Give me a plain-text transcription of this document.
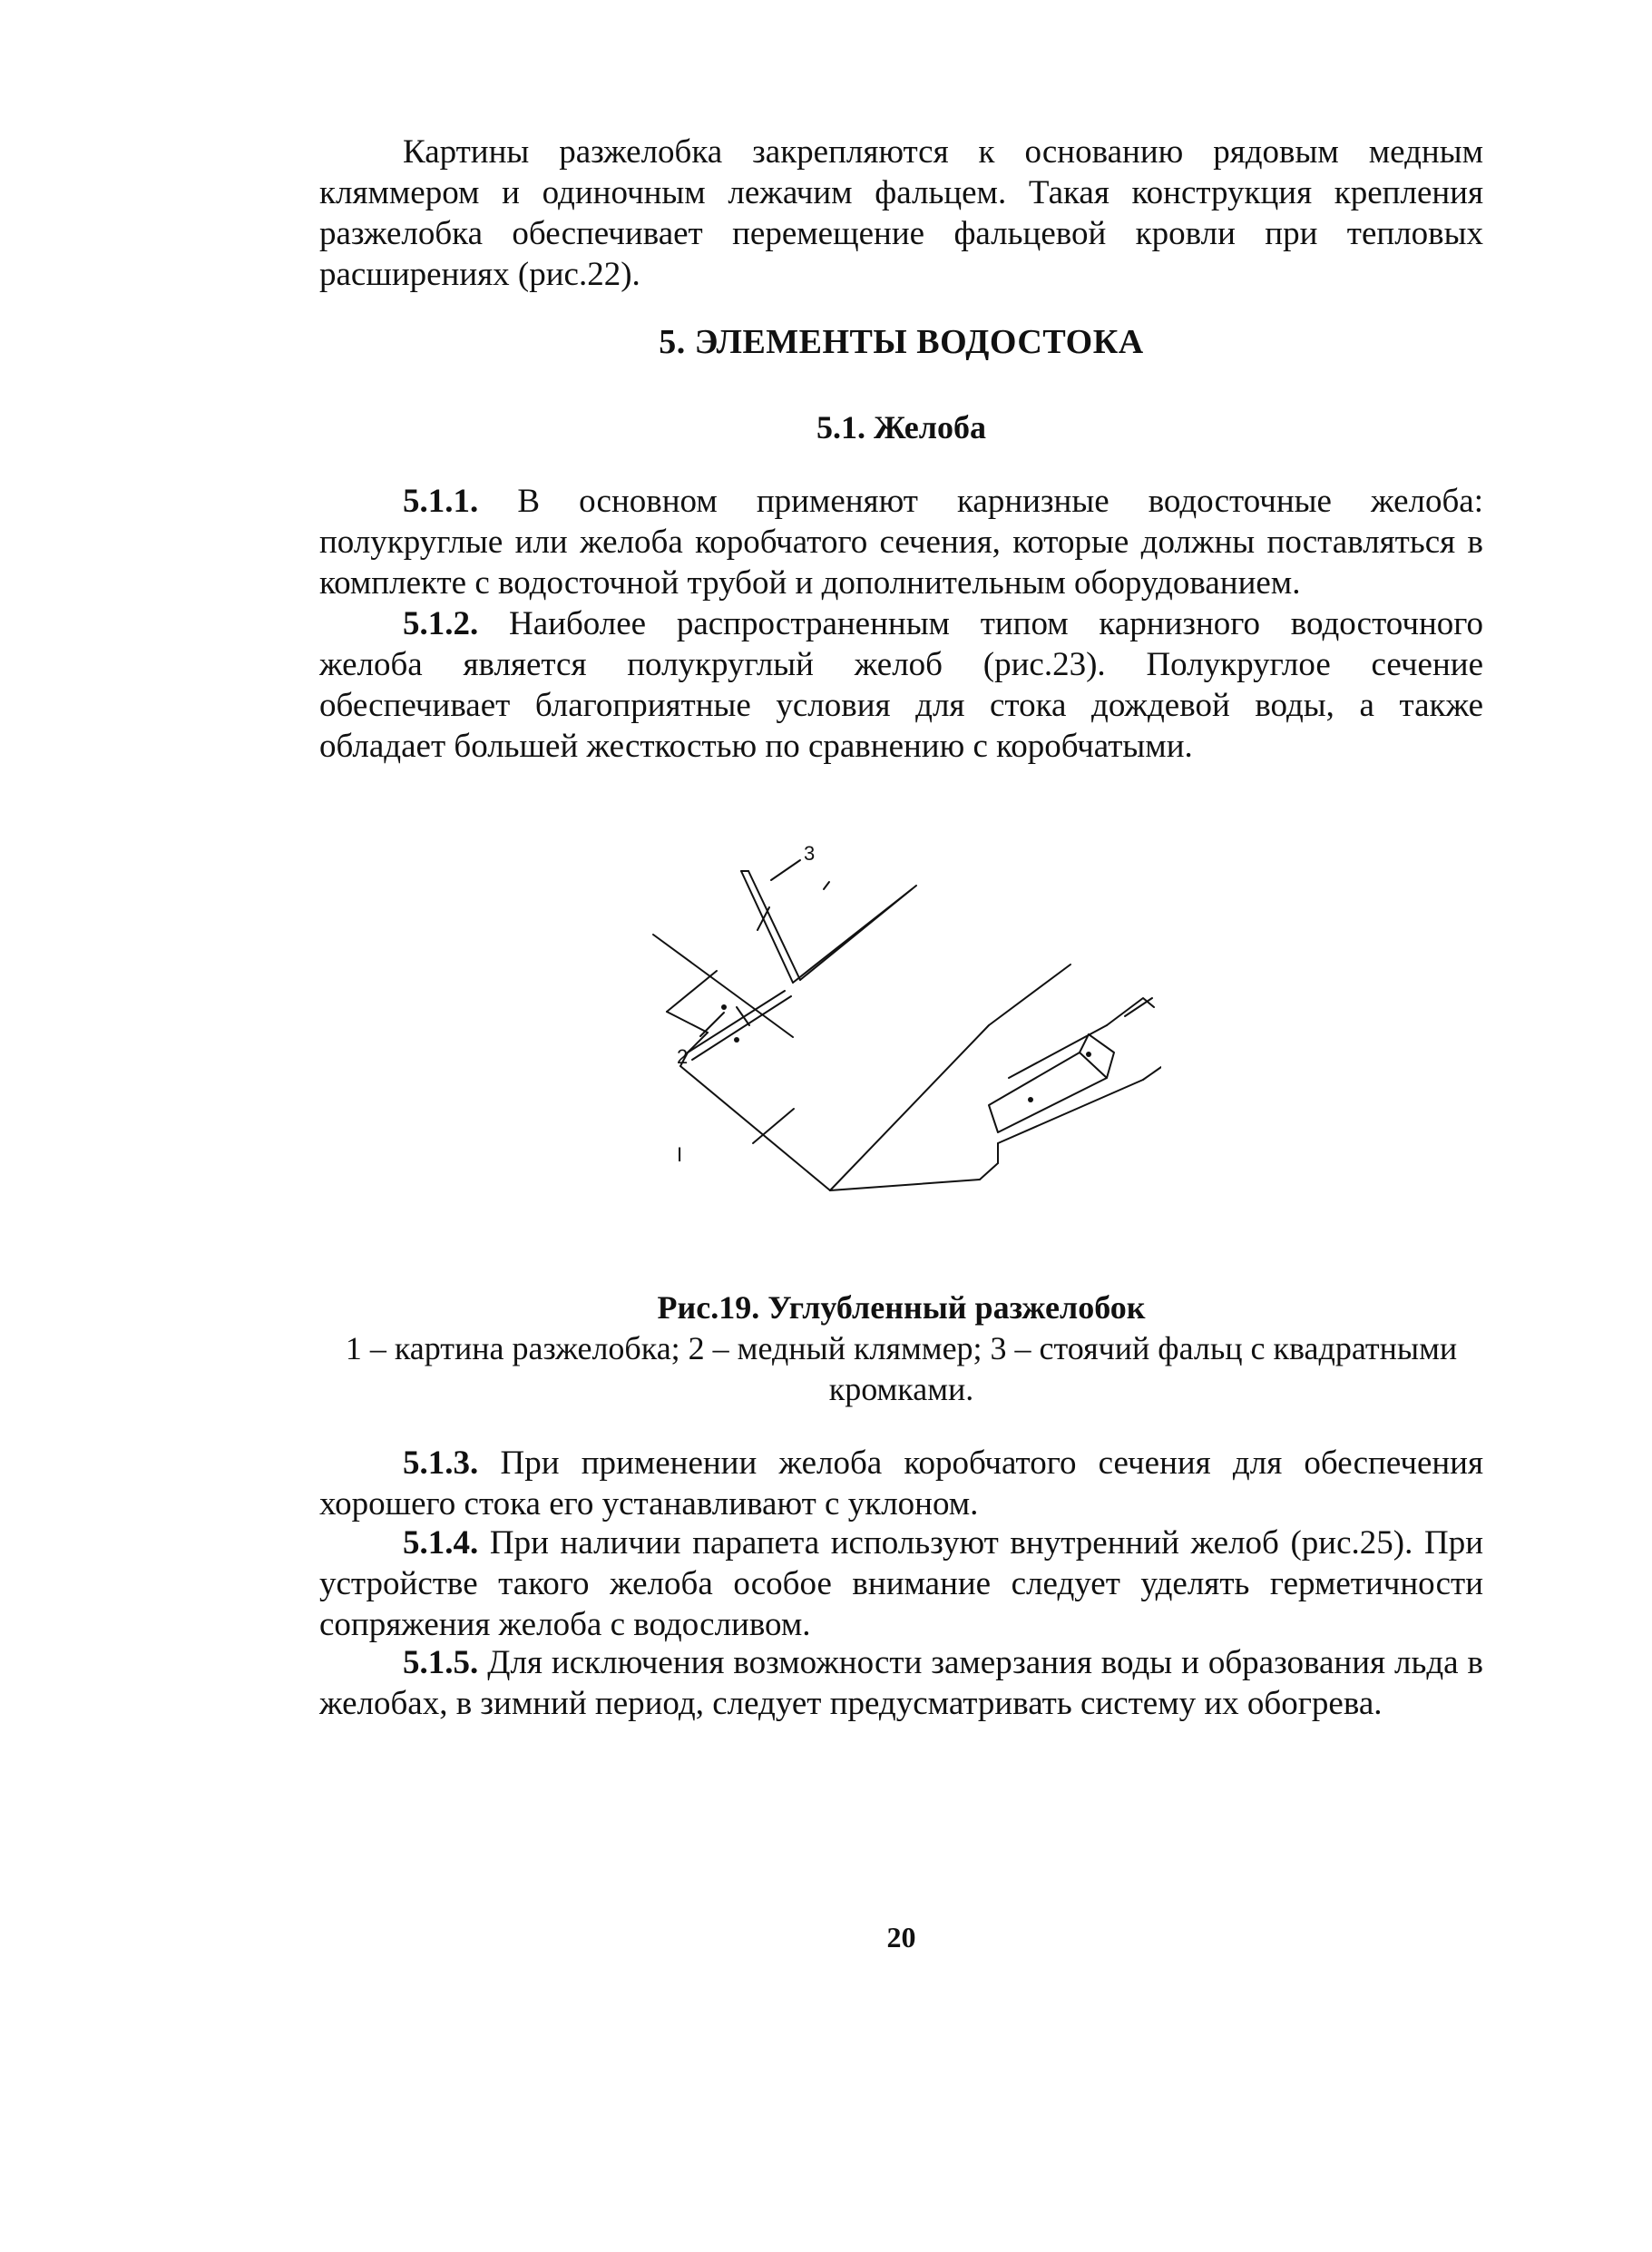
Картины разжелобка закрепляются к основанию рядовым медным кляммером и одиночным лежачим фальцем. Такая конструкция крепления разжелобка обеспечивает перемещение фальцевой кровли при тепловых расширениях (рис.22).

5. ЭЛЕМЕНТЫ ВОДОСТОКА
5.1. Желоба

5.1.1. В основном применяют карнизные водосточные желоба: полукруглые или желоба коробчатого сечения, которые должны поставляться в комплекте с водосточной трубой и дополнительным оборудованием.

5.1.2. Наиболее распространенным типом карнизного водосточного желоба является полукруглый желоб (рис.23). Полукруглое сечение обеспечивает благоприятные условия для стока дождевой воды, а также обладает большей жесткостью по сравнению с коробчатыми.

2
I
3

Рис.19. Углубленный разжелобок

1 – картина разжелобка; 2 – медный кляммер; 3 – стоячий фальц с квадратными кромками.

5.1.3. При применении желоба коробчатого сечения для обеспечения хорошего стока его устанавливают с уклоном.

5.1.4. При наличии парапета используют внутренний желоб (рис.25). При устройстве такого желоба особое внимание следует уделять герметичности сопряжения желоба с водосливом.

5.1.5. Для исключения возможности замерзания воды и образования льда в желобах, в зимний период, следует предусматривать систему их обогрева.

20
